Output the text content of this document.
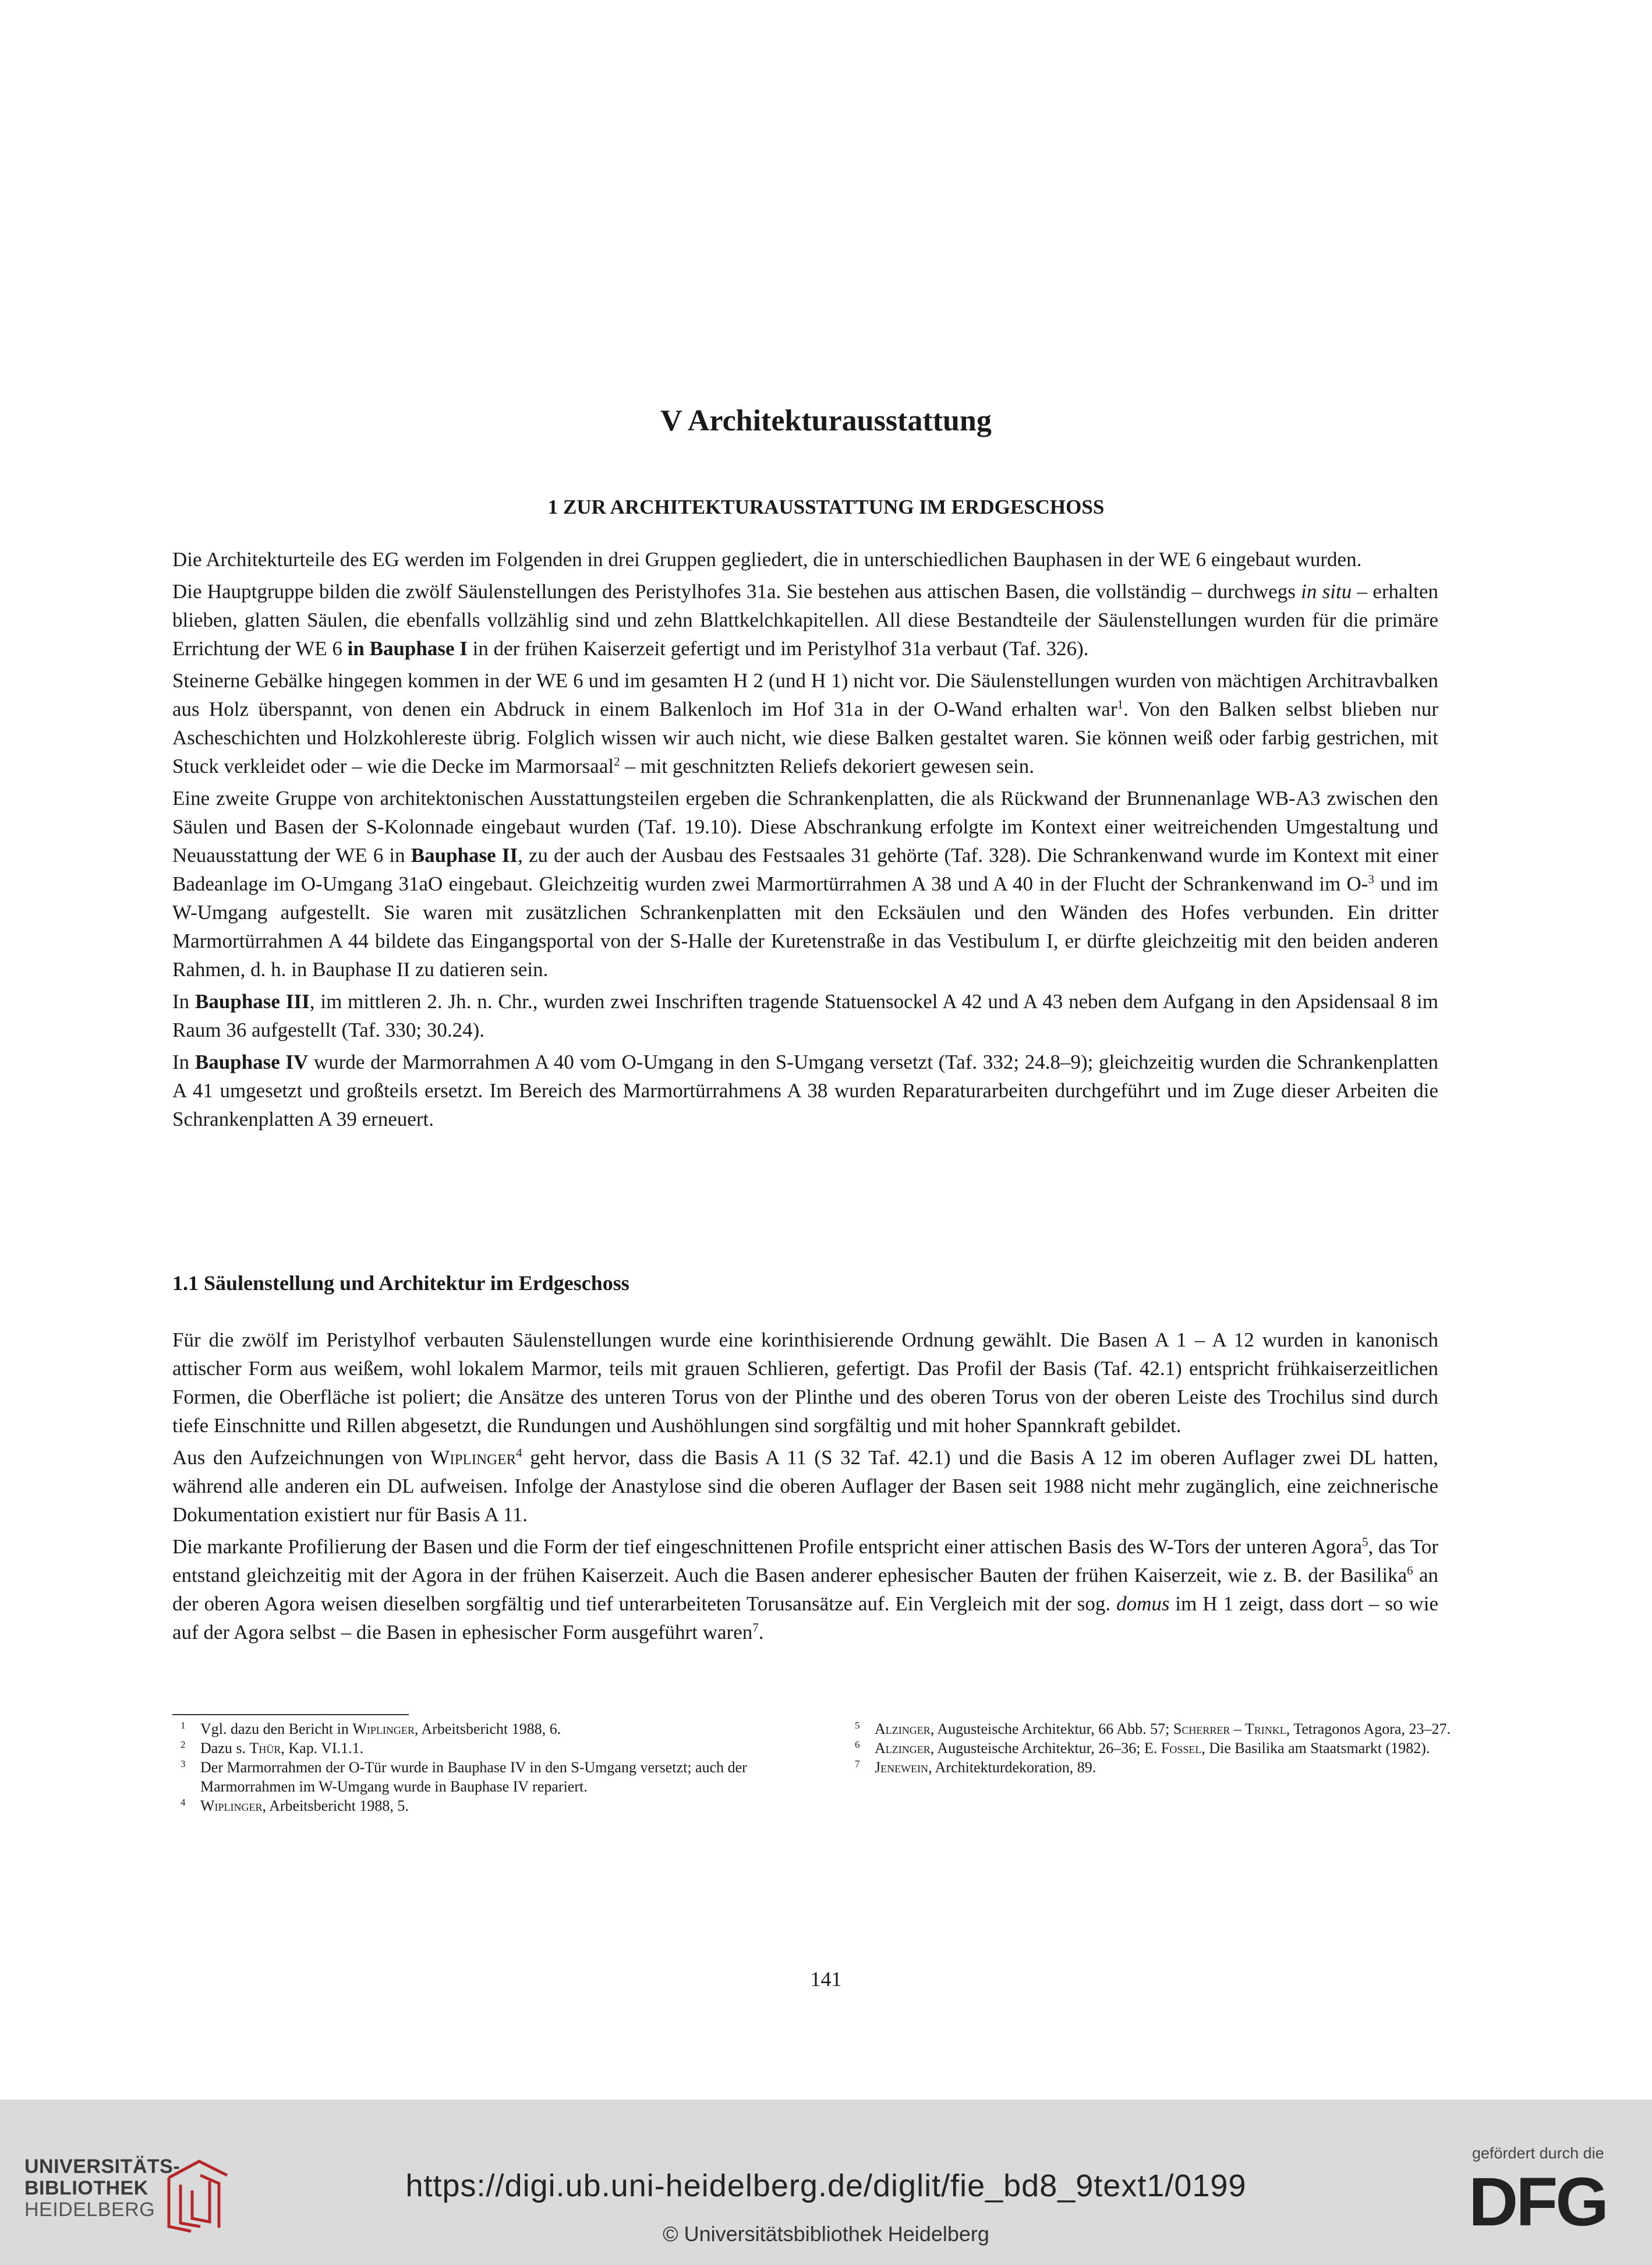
V Architekturausstattung
1 ZUR ARCHITEKTURAUSSTATTUNG IM ERDGESCHOSS

Die Architekturteile des EG werden im Folgenden in drei Gruppen gegliedert, die in unterschiedlichen Bauphasen in der WE 6 eingebaut wurden.

Die Hauptgruppe bilden die zwölf Säulenstellungen des Peristylhofes 31a. Sie bestehen aus attischen Basen, die vollständig – durchwegs in situ – erhalten blieben, glatten Säulen, die ebenfalls vollzählig sind und zehn Blattkelchkapitellen. All diese Bestandteile der Säulenstellungen wurden für die primäre Errichtung der WE 6 in Bauphase I in der frühen Kaiserzeit gefertigt und im Peristylhof 31a verbaut (Taf. 326).

Steinerne Gebälke hingegen kommen in der WE 6 und im gesamten H 2 (und H 1) nicht vor. Die Säulenstellungen wurden von mächtigen Architravbalken aus Holz überspannt, von denen ein Abdruck in einem Balkenloch im Hof 31a in der O-Wand erhalten war$^1$. Von den Balken selbst blieben nur Ascheschichten und Holzkohlereste übrig. Folglich wissen wir auch nicht, wie diese Balken gestaltet waren. Sie können weiß oder farbig gestrichen, mit Stuck verkleidet oder – wie die Decke im Marmorsaal$^2$ – mit geschnitzten Reliefs dekoriert gewesen sein.

Eine zweite Gruppe von architektonischen Ausstattungsteilen ergeben die Schrankenplatten, die als Rückwand der Brunnenanlage WB-A3 zwischen den Säulen und Basen der S-Kolonnade eingebaut wurden (Taf. 19.10). Diese Abschrankung erfolgte im Kontext einer weitreichenden Umgestaltung und Neuausstattung der WE 6 in Bauphase II, zu der auch der Ausbau des Festsaales 31 gehörte (Taf. 328). Die Schrankenwand wurde im Kontext mit einer Badeanlage im O-Umgang 31aO eingebaut. Gleichzeitig wurden zwei Marmortürrahmen A 38 und A 40 in der Flucht der Schrankenwand im O-$^3$ und im W-Umgang aufgestellt. Sie waren mit zusätzlichen Schrankenplatten mit den Ecksäulen und den Wänden des Hofes verbunden. Ein dritter Marmortürrahmen A 44 bildete das Eingangsportal von der S-Halle der Kuretenstraße in das Vestibulum I, er dürfte gleichzeitig mit den beiden anderen Rahmen, d. h. in Bauphase II zu datieren sein.

In Bauphase III, im mittleren 2. Jh. n. Chr., wurden zwei Inschriften tragende Statuensockel A 42 und A 43 neben dem Aufgang in den Apsidensaal 8 im Raum 36 aufgestellt (Taf. 330; 30.24).

In Bauphase IV wurde der Marmorrahmen A 40 vom O-Umgang in den S-Umgang versetzt (Taf. 332; 24.8–9); gleichzeitig wurden die Schrankenplatten A 41 umgesetzt und großteils ersetzt. Im Bereich des Marmortürrahmens A 38 wurden Reparaturarbeiten durchgeführt und im Zuge dieser Arbeiten die Schrankenplatten A 39 erneuert.

1.1 Säulenstellung und Architektur im Erdgeschoss

Für die zwölf im Peristylhof verbauten Säulenstellungen wurde eine korinthisierende Ordnung gewählt. Die Basen A 1 – A 12 wurden in kanonisch attischer Form aus weißem, wohl lokalem Marmor, teils mit grauen Schlieren, gefertigt. Das Profil der Basis (Taf. 42.1) entspricht frühkaiserzeitlichen Formen, die Oberfläche ist poliert; die Ansätze des unteren Torus von der Plinthe und des oberen Torus von der oberen Leiste des Trochilus sind durch tiefe Einschnitte und Rillen abgesetzt, die Rundungen und Aushöhlungen sind sorgfältig und mit hoher Spannkraft gebildet.

Aus den Aufzeichnungen von Wiplinger$^4$ geht hervor, dass die Basis A 11 (S 32 Taf. 42.1) und die Basis A 12 im oberen Auflager zwei DL hatten, während alle anderen ein DL aufweisen. Infolge der Anastylose sind die oberen Auflager der Basen seit 1988 nicht mehr zugänglich, eine zeichnerische Dokumentation existiert nur für Basis A 11.

Die markante Profilierung der Basen und die Form der tief eingeschnittenen Profile entspricht einer attischen Basis des W-Tors der unteren Agora$^5$, das Tor entstand gleichzeitig mit der Agora in der frühen Kaiserzeit. Auch die Basen anderer ephesischer Bauten der frühen Kaiserzeit, wie z. B. der Basilika$^6$ an der oberen Agora weisen dieselben sorgfältig und tief unterarbeiteten Torusansätze auf. Ein Vergleich mit der sog. domus im H 1 zeigt, dass dort – so wie auf der Agora selbst – die Basen in ephesischer Form ausgeführt waren$^7$.

1 Vgl. dazu den Bericht in Wiplinger, Arbeitsbericht 1988, 6.
2 Dazu s. Thür, Kap. VI.1.1.
3 Der Marmorrahmen der O-Tür wurde in Bauphase IV in den S-Umgang versetzt; auch der Marmorrahmen im W-Umgang wurde in Bauphase IV repariert.
4 Wiplinger, Arbeitsbericht 1988, 5.
5 Alzinger, Augusteische Architektur, 66 Abb. 57; Scherrer – Trinkl, Tetragonos Agora, 23–27.
6 Alzinger, Augusteische Architektur, 26–36; E. Fossel, Die Basilika am Staatsmarkt (1982).
7 Jenewein, Architekturdekoration, 89.

141

UNIVERSITÄTS-
BIBLIOTHEK
HEIDELBERG
https://digi.ub.uni-heidelberg.de/diglit/fie_bd8_9text1/0199
© Universitätsbibliothek Heidelberg
gefördert durch die
DFG
